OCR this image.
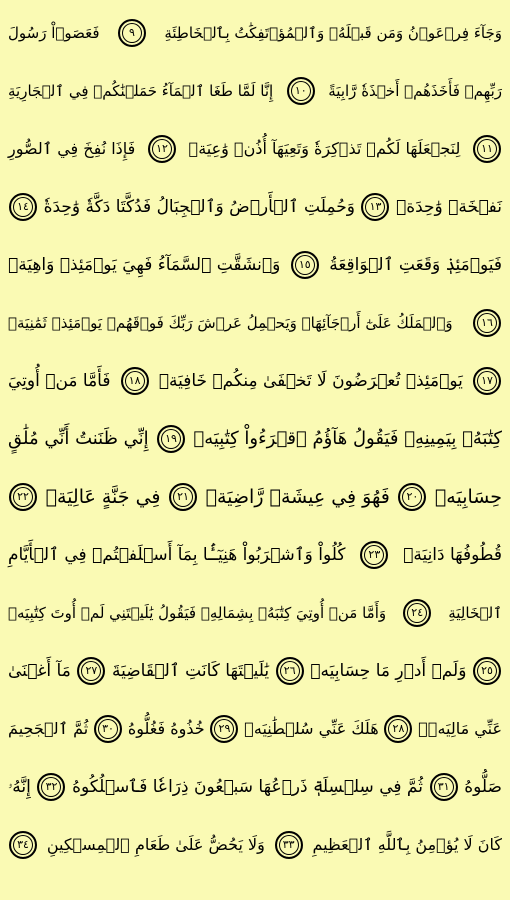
وَجَآءَ فِرۡعَوۡنُ وَمَن قَبۡلَهُۥ وَٱلۡمُؤۡتَفِكَٰتُ بِٱلۡخَاطِئَةِ
٩
فَعَصَوۡاْ رَسُولَ
رَبِّهِمۡ فَأَخَذَهُمۡ أَخۡذَةٗ رَّابِيَةً
١٠
إِنَّا لَمَّا طَغَا ٱلۡمَآءُ حَمَلۡنَٰكُمۡ فِي ٱلۡجَارِيَةِ
١١
لِنَجۡعَلَهَا لَكُمۡ تَذۡكِرَةٗ وَتَعِيَهَآ أُذُنٞ وَٰعِيَةٞ
١٢
فَإِذَا نُفِخَ فِي ٱلصُّورِ
نَفۡخَةٞ وَٰحِدَةٞ
١٣
وَحُمِلَتِ ٱلۡأَرۡضُ وَٱلۡجِبَالُ فَدُكَّتَا دَكَّةٗ وَٰحِدَةٗ
١٤
فَيَوۡمَئِذٖ وَقَعَتِ ٱلۡوَاقِعَةُ
١٥
وَٱنشَقَّتِ ٱلسَّمَآءُ فَهِيَ يَوۡمَئِذٖ وَاهِيَةٞ
١٦
وَٱلۡمَلَكُ عَلَىٰٓ أَرۡجَآئِهَاۚ وَيَحۡمِلُ عَرۡشَ رَبِّكَ فَوۡقَهُمۡ يَوۡمَئِذٖ ثَمَٰنِيَةٞ
١٧
يَوۡمَئِذٖ تُعۡرَضُونَ لَا تَخۡفَىٰ مِنكُمۡ خَافِيَةٞ
١٨
فَأَمَّا مَنۡ أُوتِيَ
كِتَٰبَهُۥ بِيَمِينِهِۦ فَيَقُولُ هَآؤُمُ ٱقۡرَءُواْ كِتَٰبِيَهۡ
١٩
إِنِّي ظَنَنتُ أَنِّي مُلَٰقٍ
حِسَابِيَهۡ
٢٠
فَهُوَ فِي عِيشَةٖ رَّاضِيَةٖ
٢١
فِي جَنَّةٍ عَالِيَةٖ
٢٢
قُطُوفُهَا دَانِيَةٞ
٢٣
كُلُواْ وَٱشۡرَبُواْ هَنِيٓـَٔۢا بِمَآ أَسۡلَفۡتُمۡ فِي ٱلۡأَيَّامِ
ٱلۡخَالِيَةِ
٢٤
وَأَمَّا مَنۡ أُوتِيَ كِتَٰبَهُۥ بِشِمَالِهِۦ فَيَقُولُ يَٰلَيۡتَنِي لَمۡ أُوتَ كِتَٰبِيَهۡ
٢٥
وَلَمۡ أَدۡرِ مَا حِسَابِيَهۡ
٢٦
يَٰلَيۡتَهَا كَانَتِ ٱلۡقَاضِيَةَ
٢٧
مَآ أَغۡنَىٰ
عَنِّي مَالِيَهۡۜ
٢٨
هَلَكَ عَنِّي سُلۡطَٰنِيَهۡ
٢٩
خُذُوهُ فَغُلُّوهُ
٣٠
ثُمَّ ٱلۡجَحِيمَ
صَلُّوهُ
٣١
ثُمَّ فِي سِلۡسِلَةٖ ذَرۡعُهَا سَبۡعُونَ ذِرَاعٗا فَٱسۡلُكُوهُ
٣٢
إِنَّهُۥ
كَانَ لَا يُؤۡمِنُ بِٱللَّهِ ٱلۡعَظِيمِ
٣٣
وَلَا يَحُضُّ عَلَىٰ طَعَامِ ٱلۡمِسۡكِينِ
٣٤
